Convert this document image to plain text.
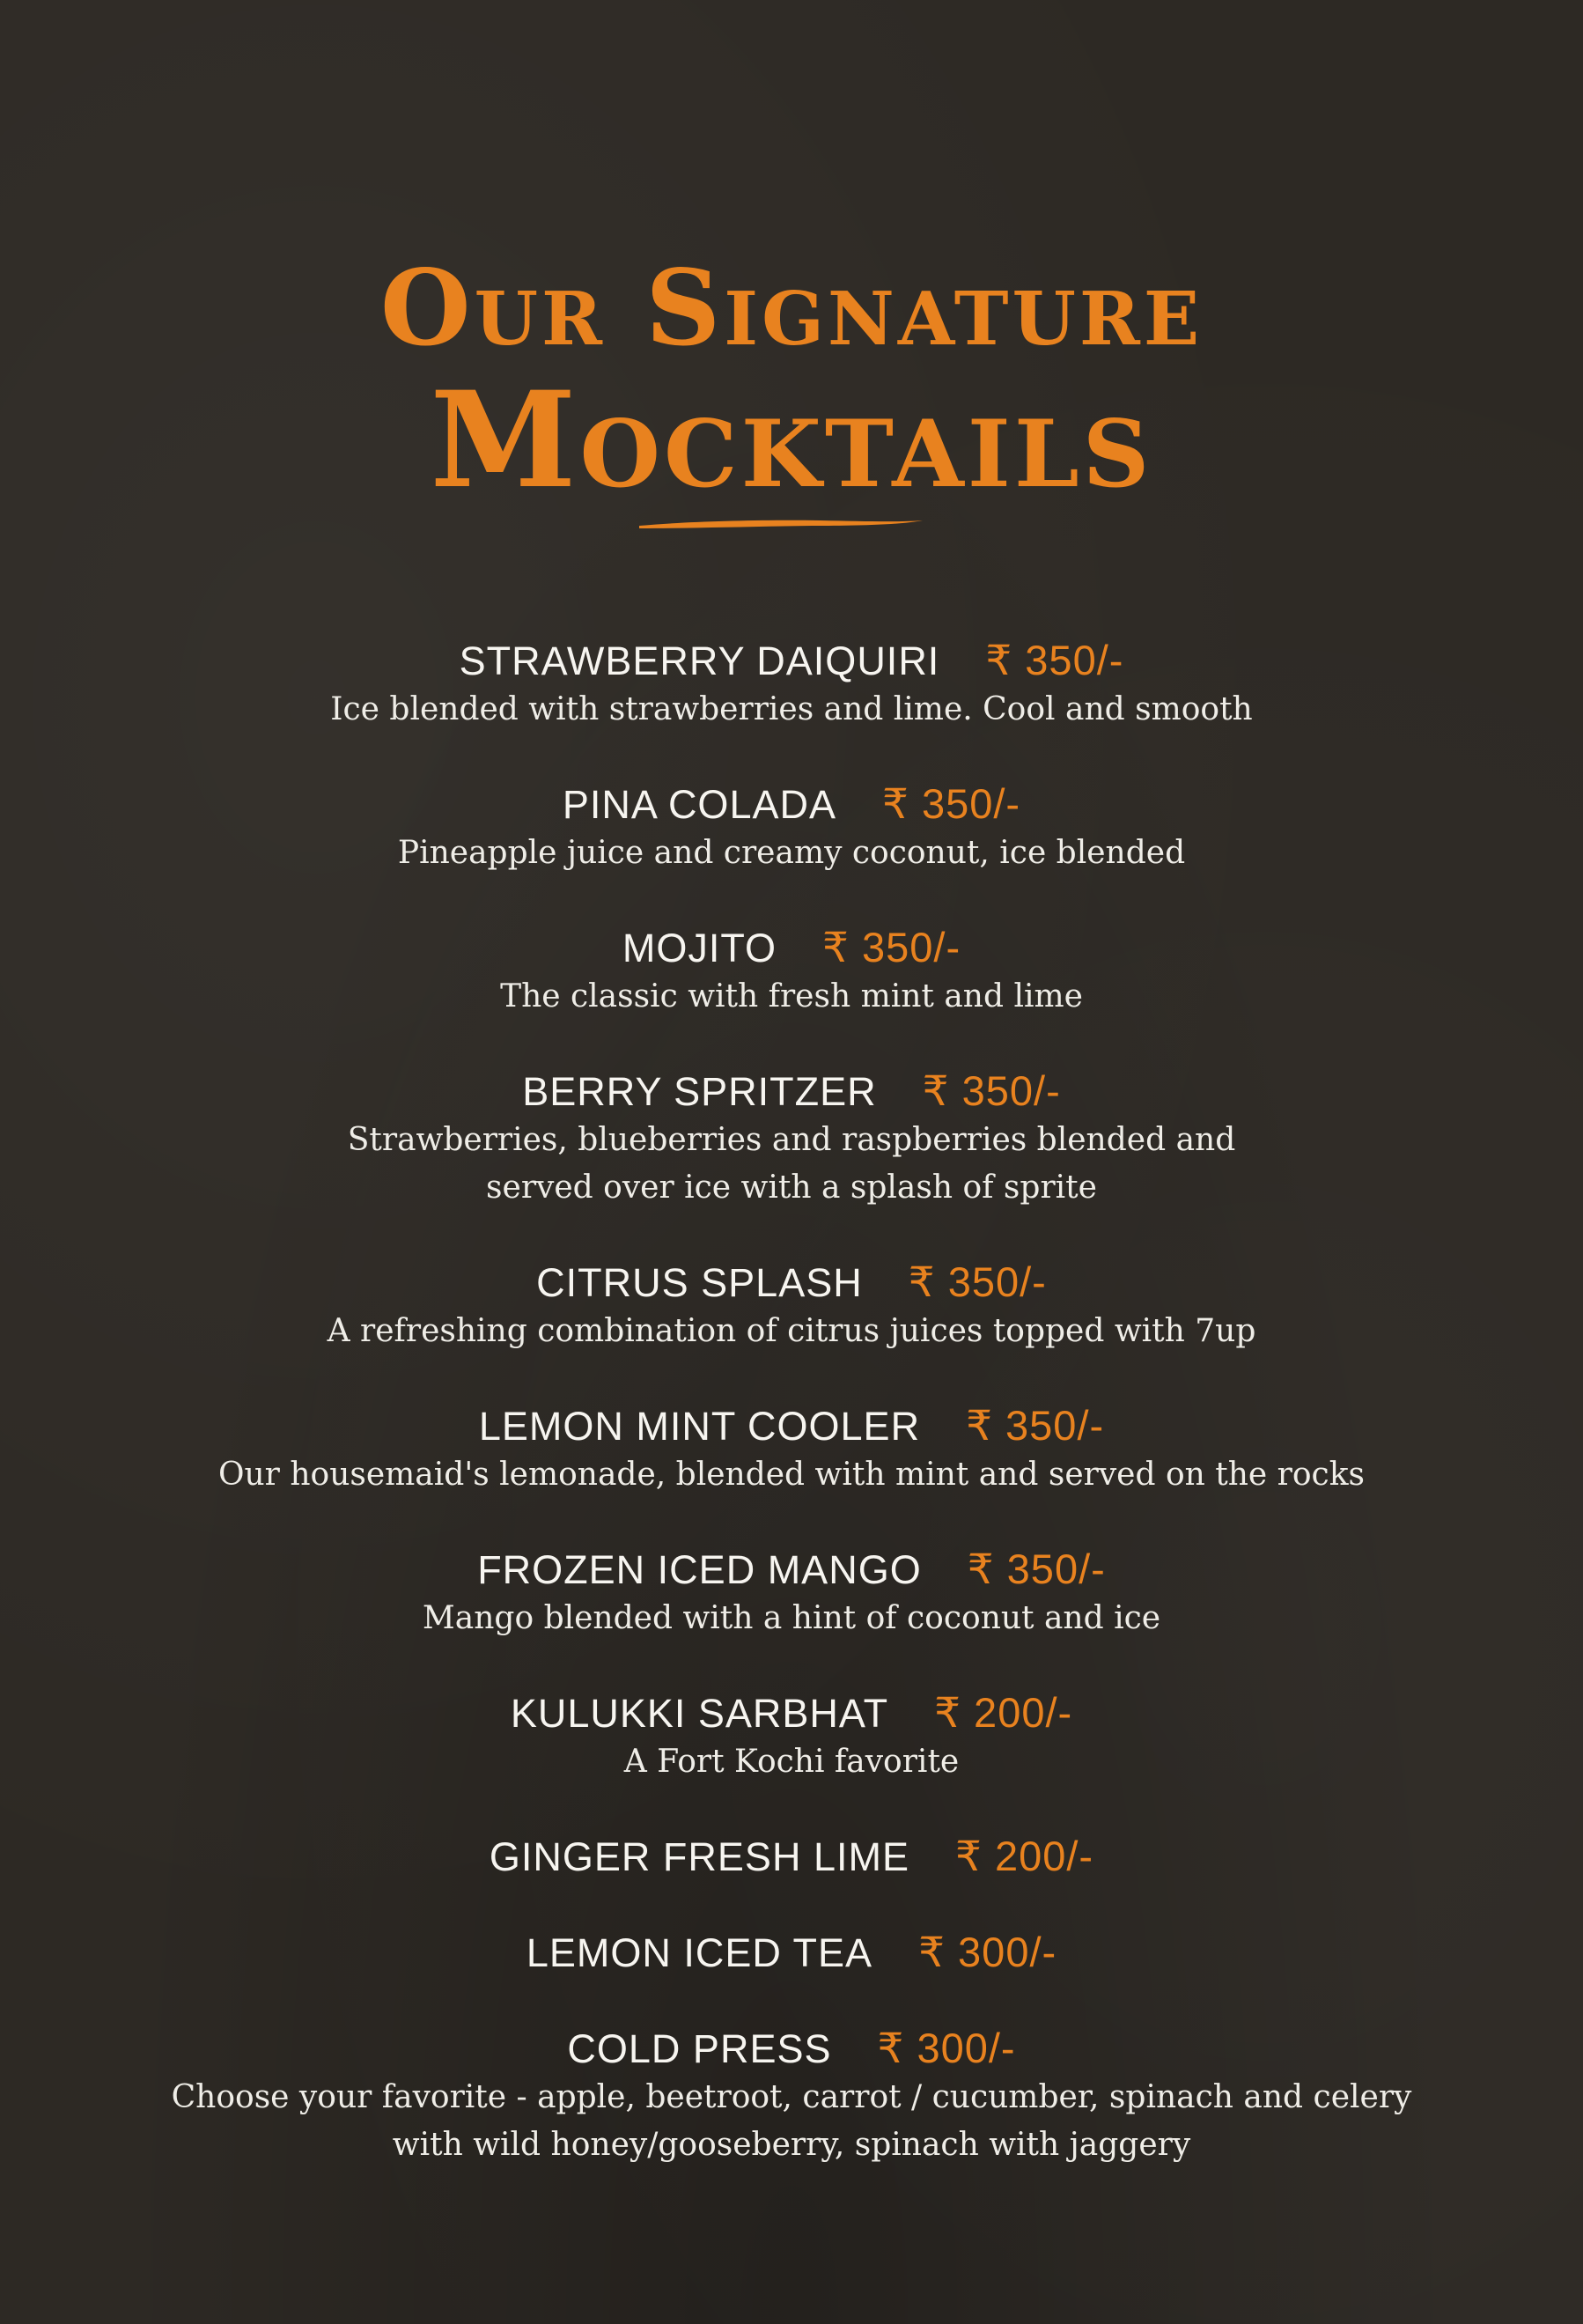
Our Signature
Mocktails
STRAWBERRY DAIQUIRI ₹ 350/-
Ice blended with strawberries and lime. Cool and smooth
PINA COLADA ₹ 350/-
Pineapple juice and creamy coconut, ice blended
MOJITO ₹ 350/-
The classic with fresh mint and lime
BERRY SPRITZER ₹ 350/-
Strawberries, blueberries and raspberries blended and
served over ice with a splash of sprite
CITRUS SPLASH ₹ 350/-
A refreshing combination of citrus juices topped with 7up
LEMON MINT COOLER ₹ 350/-
Our housemaid's lemonade, blended with mint and served on the rocks
FROZEN ICED MANGO ₹ 350/-
Mango blended with a hint of coconut and ice
KULUKKI SARBHAT ₹ 200/-
A Fort Kochi favorite
GINGER FRESH LIME ₹ 200/-
LEMON ICED TEA ₹ 300/-
COLD PRESS ₹ 300/-
Choose your favorite - apple, beetroot, carrot / cucumber, spinach and celery
with wild honey/gooseberry, spinach with jaggery
